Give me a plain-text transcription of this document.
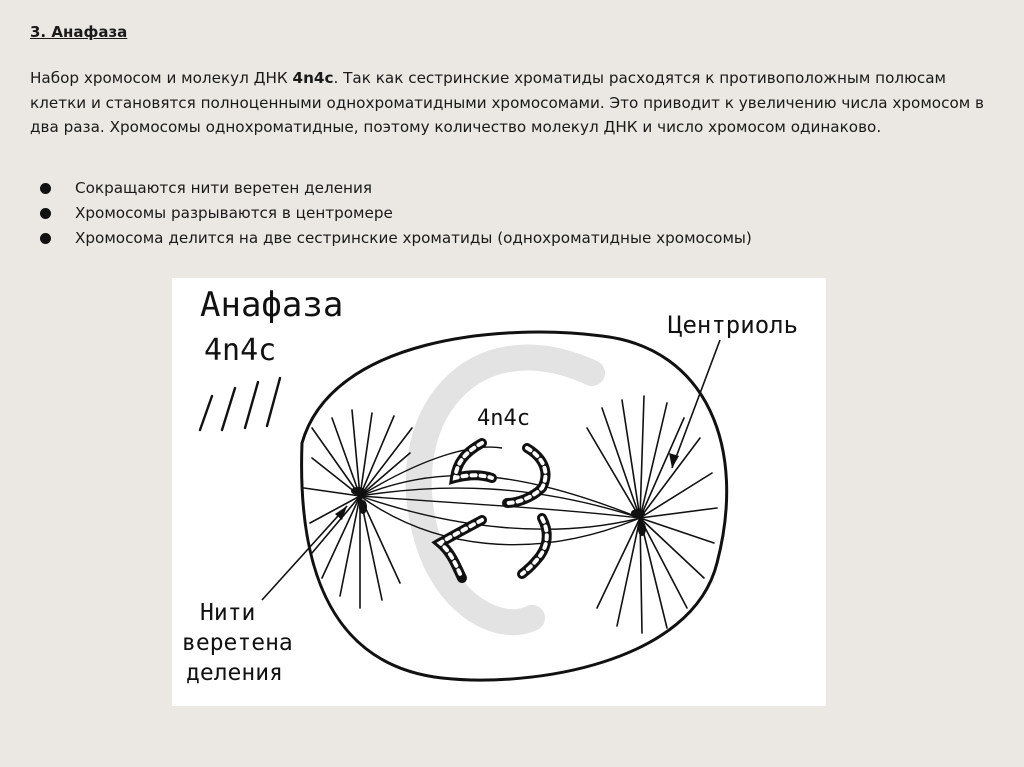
3. Анафаза
Набор хромосом и молекул ДНК 4n4c. Так как сестринские хроматиды расходятся к противоположным полюсам клетки и становятся полноценными однохроматидными хромосомами. Это приводит к увеличению числа хромосом в два раза. Хромосомы однохроматидные, поэтому количество молекул ДНК и число хромосом одинаково.
Сокращаются нити веретен деления
Хромосомы разрываются в центромере
Хромосома делится на две сестринские хроматиды (однохроматидные хромосомы)
Анафаза
4n4c
4n4c
Центриоль
Нити
веретена
деления
